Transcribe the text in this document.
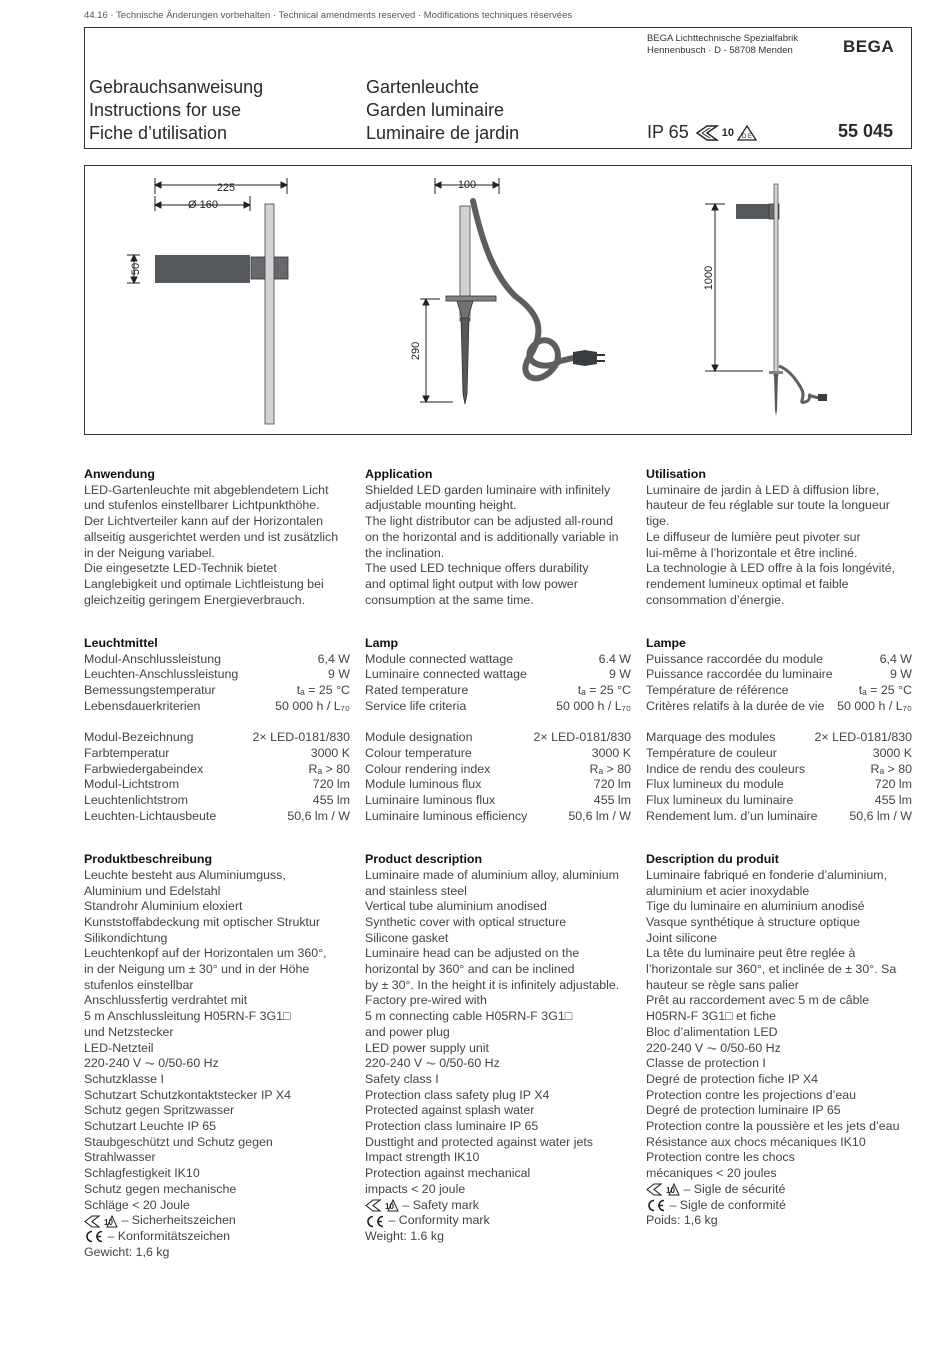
44.16 · Technische Änderungen vorbehalten · Technical amendments reserved · Modifications techniques réservées
BEGA Lichttechnische Spezialfabrik
Hennenbusch · D - 58708 Menden	BEGA
Gebrauchsanweisung
Instructions for use
Fiche d’utilisation
Gartenleuchte
Garden luminaire
Luminaire de jardin	IP 65	10 D E	55 045
225
Ø 160
50
100
290
1000
Anwendung
LED-Gartenleuchte mit abgeblendetem Licht
und stufenlos einstellbarer Lichtpunkthöhe.
Der Lichtverteiler kann auf der Horizontalen
allseitig ausgerichtet werden und ist zusätzlich
in der Neigung variabel.
Die eingesetzte LED-Technik bietet
Langlebigkeit und optimale Lichtleistung bei
gleichzeitig geringem Energieverbrauch.
Leuchtmittel
Modul-Anschlussleistung	6,4 W
Leuchten-Anschlussleistung	9 W
Bemessungstemperatur	tₐ = 25 °C
Lebensdauerkriterien	50 000 h / L₇₀
Modul-Bezeichnung	2× LED-0181/830
Farbtemperatur	3000 K
Farbwiedergabeindex	Rₐ > 80
Modul-Lichtstrom	720 lm
Leuchtenlichtstrom	455 lm
Leuchten-Lichtausbeute	50,6 lm / W
Produktbeschreibung
Leuchte besteht aus Aluminiumguss,
Aluminium und Edelstahl
Standrohr Aluminium eloxiert
Kunststoffabdeckung mit optischer Struktur
Silikondichtung
Leuchtenkopf auf der Horizontalen um 360°,
in der Neigung um ± 30° und in der Höhe
stufenlos einstellbar
Anschlussfertig verdrahtet mit
5 m Anschlussleitung H05RN-F 3G1□
und Netzstecker
LED-Netzteil
220-240 V ⏦ 0/50-60 Hz
Schutzklasse I
Schutzart Schutzkontaktstecker IP X4
Schutz gegen Spritzwasser
Schutzart Leuchte IP 65
Staubgeschützt und Schutz gegen
Strahlwasser
Schlagfestigkeit IK10
Schutz gegen mechanische
Schläge < 20 Joule
10 – Sicherheitszeichen
– Konformitätszeichen
Gewicht: 1,6 kg
Application
Shielded LED garden luminaire with infinitely
adjustable mounting height.
The light distributor can be adjusted all-round
on the horizontal and is additionally variable in
the inclination.
The used LED technique offers durability
and optimal light output with low power
consumption at the same time.
Lamp
Module connected wattage	6.4 W
Luminaire connected wattage	9 W
Rated temperature	tₐ = 25 °C
Service life criteria	50 000 h / L₇₀
Module designation	2× LED-0181/830
Colour temperature	3000 K
Colour rendering index	Rₐ > 80
Module luminous flux	720 lm
Luminaire luminous flux	455 lm
Luminaire luminous efficiency	50,6 lm / W
Product description
Luminaire made of aluminium alloy, aluminium
and stainless steel
Vertical tube aluminium anodised
Synthetic cover with optical structure
Silicone gasket
Luminaire head can be adjusted on the
horizontal by 360° and can be inclined
by ± 30°. In the height it is infinitely adjustable.
Factory pre-wired with
5 m connecting cable H05RN-F 3G1□
and power plug
LED power supply unit
220-240 V ⏦ 0/50-60 Hz
Safety class I
Protection class safety plug IP X4
Protected against splash water
Protection class luminaire IP 65
Dusttight and protected against water jets
Impact strength IK10
Protection against mechanical
impacts < 20 joule
10 – Safety mark
– Conformity mark
Weight: 1.6 kg
Utilisation
Luminaire de jardin à LED à diffusion libre,
hauteur de feu réglable sur toute la longueur
tige.
Le diffuseur de lumière peut pivoter sur
lui-même à l’horizontale et être incliné.
La technologie à LED offre à la fois longévité,
rendement lumineux optimal et faible
consommation d’énergie.
Lampe
Puissance raccordée du module	6,4 W
Puissance raccordée du luminaire	9 W
Température de référence	tₐ = 25 °C
Critères relatifs à la durée de vie 50 000 h / L₇₀
Marquage des modules	2× LED-0181/830
Température de couleur	3000 K
Indice de rendu des couleurs	Rₐ > 80
Flux lumineux du module	720 lm
Flux lumineux du luminaire	455 lm
Rendement lum. d’un luminaire	50,6 lm / W
Description du produit
Luminaire fabriqué en fonderie d’aluminium,
aluminium et acier inoxydable
Tige du luminaire en aluminium anodisé
Vasque synthétique à structure optique
Joint silicone
La tête du luminaire peut être reglée à
l’horizontale sur 360°, et inclinée de ± 30°. Sa
hauteur se règle sans palier
Prêt au raccordement avec 5 m de câble
H05RN-F 3G1□ et fiche
Bloc d’alimentation LED
220-240 V ⏦ 0/50-60 Hz
Classe de protection I
Degré de protection fiche IP X4
Protection contre les projections d’eau
Degré de protection luminaire IP 65
Protection contre la poussière et les jets d’eau
Résistance aux chocs mécaniques IK10
Protection contre les chocs
mécaniques < 20 joules
10 – Sigle de sécurité
– Sigle de conformité
Poids: 1,6 kg
